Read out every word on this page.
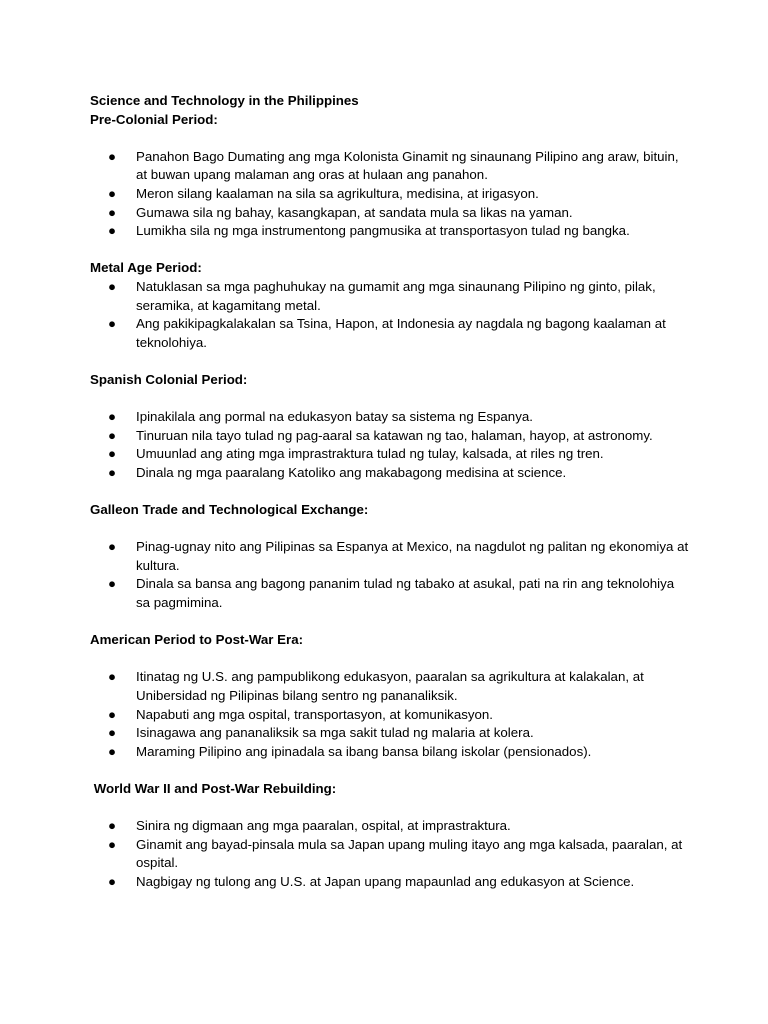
Science and Technology in the Philippines

Pre-Colonial Period:

● Panahon Bago Dumating ang mga Kolonista Ginamit ng sinaunang Pilipino ang araw, bituin, at buwan upang malaman ang oras at hulaan ang panahon.
● Meron silang kaalaman na sila sa agrikultura, medisina, at irigasyon.
● Gumawa sila ng bahay, kasangkapan, at sandata mula sa likas na yaman.
● Lumikha sila ng mga instrumentong pangmusika at transportasyon tulad ng bangka.

Metal Age Period:

● Natuklasan sa mga paghuhukay na gumamit ang mga sinaunang Pilipino ng ginto, pilak, seramika, at kagamitang metal.
● Ang pakikipagkalakalan sa Tsina, Hapon, at Indonesia ay nagdala ng bagong kaalaman at teknolohiya.

Spanish Colonial Period:

● Ipinakilala ang pormal na edukasyon batay sa sistema ng Espanya.
● Tinuruan nila tayo tulad ng pag-aaral sa katawan ng tao, halaman, hayop, at astronomy.
● Umuunlad ang ating mga imprastraktura tulad ng tulay, kalsada, at riles ng tren.
● Dinala ng mga paaralang Katoliko ang makabagong medisina at science.

Galleon Trade and Technological Exchange:

● Pinag-ugnay nito ang Pilipinas sa Espanya at Mexico, na nagdulot ng palitan ng ekonomiya at kultura.
● Dinala sa bansa ang bagong pananim tulad ng tabako at asukal, pati na rin ang teknolohiya sa pagmimina.

American Period to Post-War Era:

● Itinatag ng U.S. ang pampublikong edukasyon, paaralan sa agrikultura at kalakalan, at Unibersidad ng Pilipinas bilang sentro ng pananaliksik.
● Napabuti ang mga ospital, transportasyon, at komunikasyon.
● Isinagawa ang pananaliksik sa mga sakit tulad ng malaria at kolera.
● Maraming Pilipino ang ipinadala sa ibang bansa bilang iskolar (pensionados).

World War II and Post-War Rebuilding:

● Sinira ng digmaan ang mga paaralan, ospital, at imprastraktura.
● Ginamit ang bayad-pinsala mula sa Japan upang muling itayo ang mga kalsada, paaralan, at ospital.
● Nagbigay ng tulong ang U.S. at Japan upang mapaunlad ang edukasyon at Science.
